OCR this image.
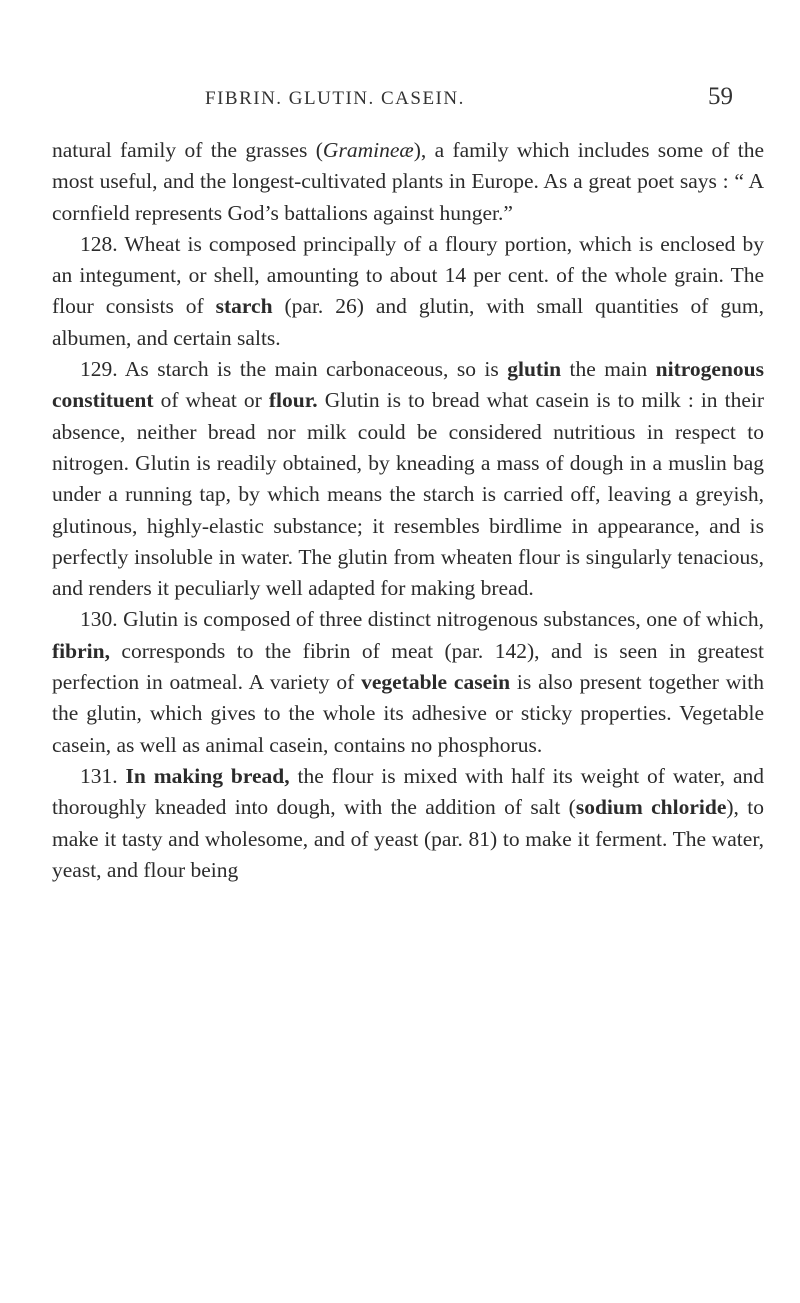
FIBRIN. GLUTIN. CASEIN.	59

natural family of the grasses (Gramineæ), a family which includes some of the most useful, and the longest-cultivated plants in Europe. As a great poet says : “ A cornfield represents God’s battalions against hunger.”

128. Wheat is composed principally of a floury portion, which is enclosed by an integument, or shell, amounting to about 14 per cent. of the whole grain. The flour consists of starch (par. 26) and glutin, with small quantities of gum, albumen, and certain salts.

129. As starch is the main carbonaceous, so is glutin the main nitrogenous constituent of wheat or flour. Glutin is to bread what casein is to milk : in their absence, neither bread nor milk could be considered nutritious in respect to nitrogen. Glutin is readily obtained, by kneading a mass of dough in a muslin bag under a running tap, by which means the starch is carried off, leaving a greyish, glutinous, highly-elastic substance; it resembles birdlime in appearance, and is perfectly insoluble in water. The glutin from wheaten flour is singularly tenacious, and renders it peculiarly well adapted for making bread.

130. Glutin is composed of three distinct nitrogenous substances, one of which, fibrin, corresponds to the fibrin of meat (par. 142), and is seen in greatest perfection in oatmeal. A variety of vegetable casein is also present together with the glutin, which gives to the whole its adhesive or sticky properties. Vegetable casein, as well as animal casein, contains no phosphorus.

131. In making bread, the flour is mixed with half its weight of water, and thoroughly kneaded into dough, with the addition of salt (sodium chloride), to make it tasty and wholesome, and of yeast (par. 81) to make it ferment. The water, yeast, and flour being
